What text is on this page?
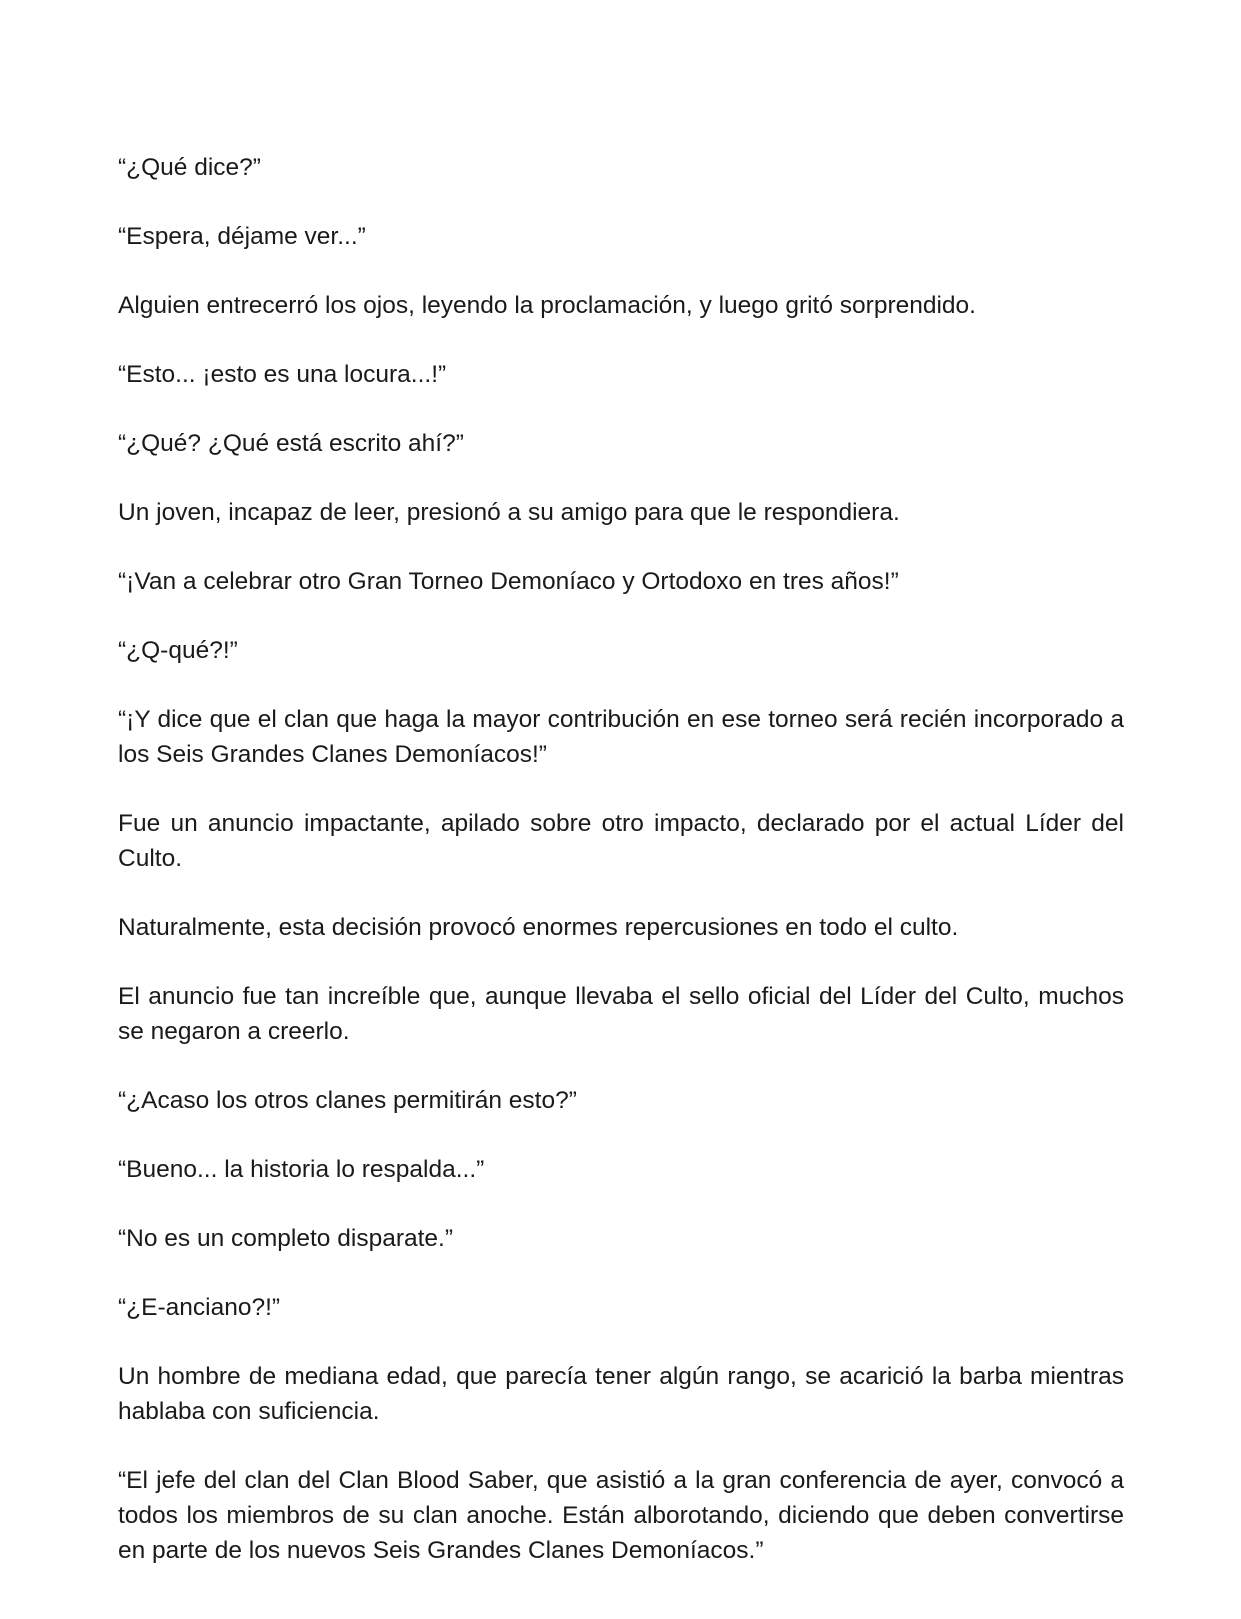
“¿Qué dice?”

“Espera, déjame ver...”

Alguien entrecerró los ojos, leyendo la proclamación, y luego gritó sorprendido.

“Esto... ¡esto es una locura...!”

“¿Qué? ¿Qué está escrito ahí?”

Un joven, incapaz de leer, presionó a su amigo para que le respondiera.

“¡Van a celebrar otro Gran Torneo Demoníaco y Ortodoxo en tres años!”

“¿Q-qué?!”

“¡Y dice que el clan que haga la mayor contribución en ese torneo será recién incorporado a los Seis Grandes Clanes Demoníacos!”

Fue un anuncio impactante, apilado sobre otro impacto, declarado por el actual Líder del Culto.

Naturalmente, esta decisión provocó enormes repercusiones en todo el culto.

El anuncio fue tan increíble que, aunque llevaba el sello oficial del Líder del Culto, muchos se negaron a creerlo.

“¿Acaso los otros clanes permitirán esto?”

“Bueno... la historia lo respalda...”

“No es un completo disparate.”

“¿E-anciano?!”

Un hombre de mediana edad, que parecía tener algún rango, se acarició la barba mientras hablaba con suficiencia.

“El jefe del clan del Clan Blood Saber, que asistió a la gran conferencia de ayer, convocó a todos los miembros de su clan anoche. Están alborotando, diciendo que deben convertirse en parte de los nuevos Seis Grandes Clanes Demoníacos.”
